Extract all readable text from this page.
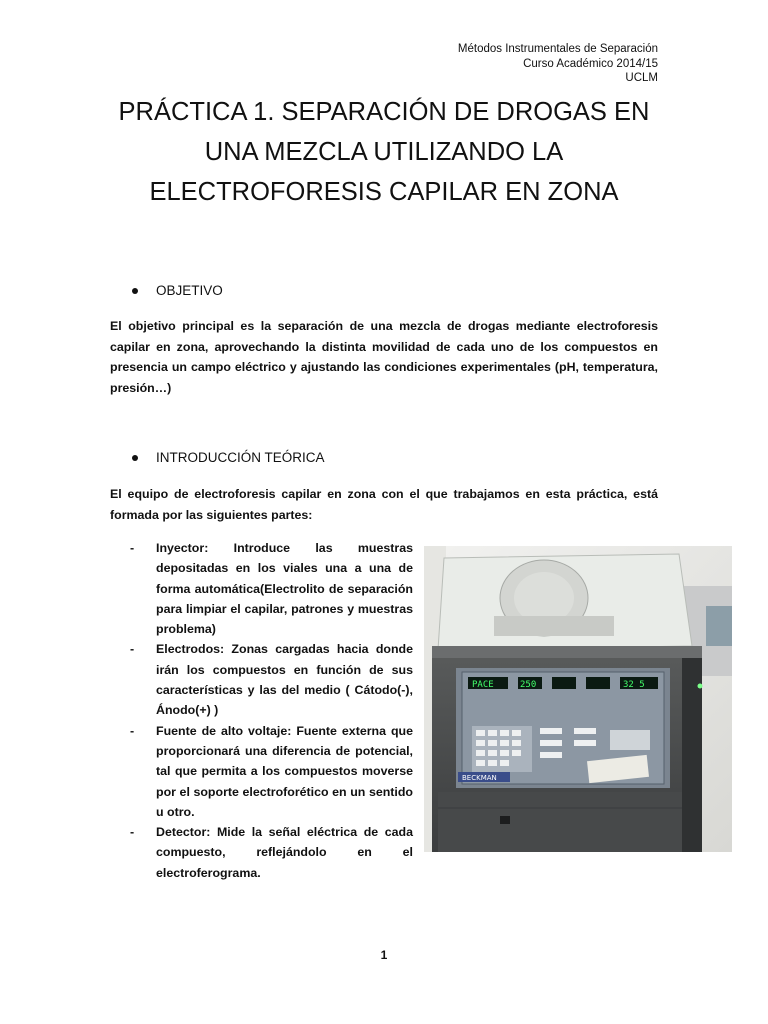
Métodos Instrumentales de Separación
Curso Académico 2014/15
UCLM
PRÁCTICA 1. SEPARACIÓN DE DROGAS EN
UNA MEZCLA UTILIZANDO LA
ELECTROFORESIS CAPILAR EN ZONA
OBJETIVO

El objetivo principal es la separación de una mezcla de drogas mediante electroforesis capilar en zona, aprovechando la distinta movilidad de cada uno de los compuestos en presencia un campo eléctrico y ajustando las condiciones experimentales (pH, temperatura, presión…)

INTRODUCCIÓN TEÓRICA

El equipo de electroforesis capilar en zona con el que trabajamos en esta práctica, está formada por las siguientes partes:

- Inyector: Introduce las muestras depositadas en los viales una a una de forma automática(Electrolito de separación para limpiar el capilar, patrones y muestras problema)
- Electrodos: Zonas cargadas hacia donde irán los compuestos en función de sus características y las del medio ( Cátodo(-), Ánodo(+) )
- Fuente de alto voltaje: Fuente externa que proporcionará una diferencia de potencial, tal que permita a los compuestos moverse por el soporte electroforético en un sentido u otro.
- Detector: Mide la señal eléctrica de cada compuesto, reflejándolo en el electroferograma.
PACE	250	32 5
BECKMAN
1
